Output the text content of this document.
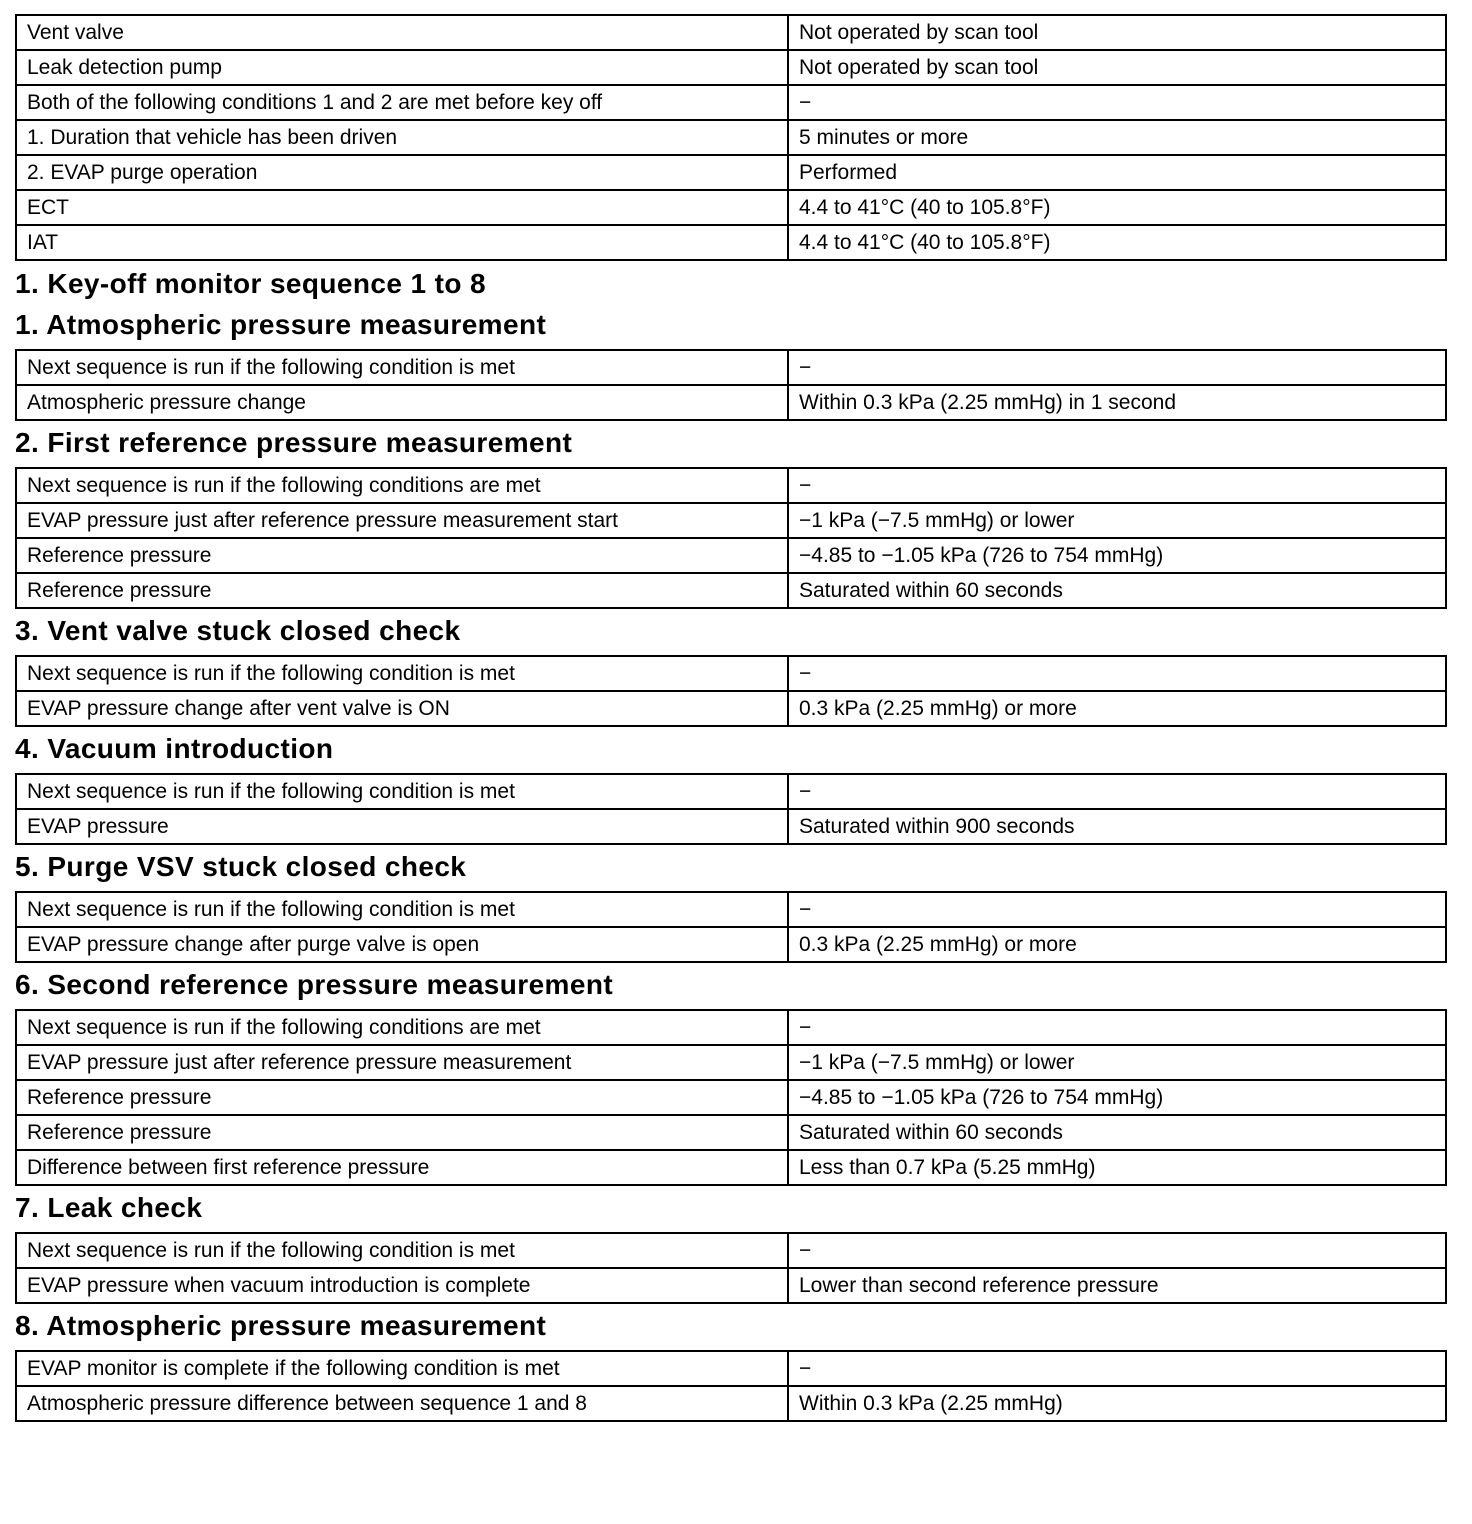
Vent valve	Not operated by scan tool
Leak detection pump	Not operated by scan tool
Both of the following conditions 1 and 2 are met before key off	−
1. Duration that vehicle has been driven	5 minutes or more
2. EVAP purge operation	Performed
ECT	4.4 to 41°C (40 to 105.8°F)
IAT	4.4 to 41°C (40 to 105.8°F)
1. Key-off monitor sequence 1 to 8
1. Atmospheric pressure measurement
Next sequence is run if the following condition is met	−
Atmospheric pressure change	Within 0.3 kPa (2.25 mmHg) in 1 second
2. First reference pressure measurement
Next sequence is run if the following conditions are met	−
EVAP pressure just after reference pressure measurement start	−1 kPa (−7.5 mmHg) or lower
Reference pressure	−4.85 to −1.05 kPa (726 to 754 mmHg)
Reference pressure	Saturated within 60 seconds
3. Vent valve stuck closed check
Next sequence is run if the following condition is met	−
EVAP pressure change after vent valve is ON	0.3 kPa (2.25 mmHg) or more
4. Vacuum introduction
Next sequence is run if the following condition is met	−
EVAP pressure	Saturated within 900 seconds
5. Purge VSV stuck closed check
Next sequence is run if the following condition is met	−
EVAP pressure change after purge valve is open	0.3 kPa (2.25 mmHg) or more
6. Second reference pressure measurement
Next sequence is run if the following conditions are met	−
EVAP pressure just after reference pressure measurement	−1 kPa (−7.5 mmHg) or lower
Reference pressure	−4.85 to −1.05 kPa (726 to 754 mmHg)
Reference pressure	Saturated within 60 seconds
Difference between first reference pressure	Less than 0.7 kPa (5.25 mmHg)
7. Leak check
Next sequence is run if the following condition is met	−
EVAP pressure when vacuum introduction is complete	Lower than second reference pressure
8. Atmospheric pressure measurement
EVAP monitor is complete if the following condition is met	−
Atmospheric pressure difference between sequence 1 and 8	Within 0.3 kPa (2.25 mmHg)
